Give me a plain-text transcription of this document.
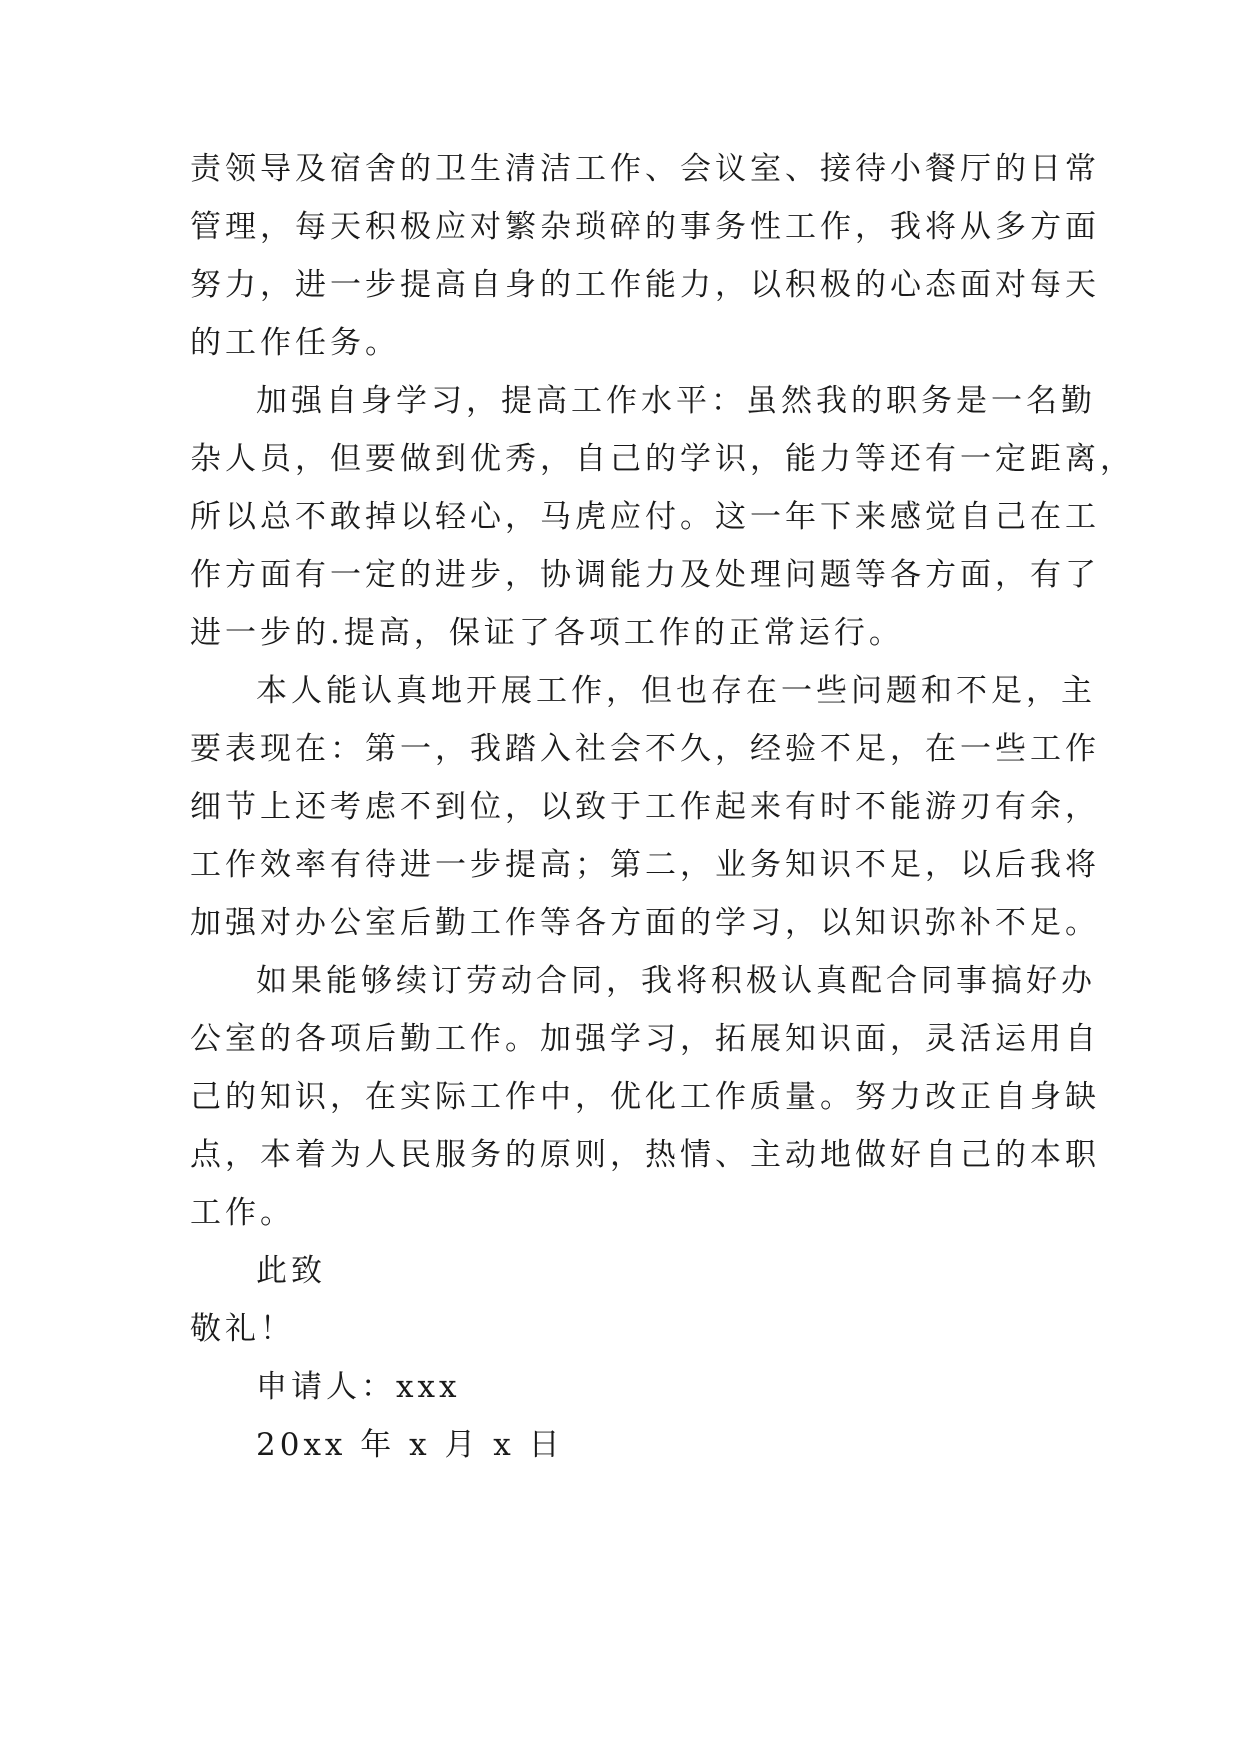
责领导及宿舍的卫生清洁工作、会议室、接待小餐厅的日常
管理，每天积极应对繁杂琐碎的事务性工作，我将从多方面
努力，进一步提高自身的工作能力，以积极的心态面对每天
的工作任务。
加强自身学习，提高工作水平：虽然我的职务是一名勤
杂人员，但要做到优秀，自己的学识，能力等还有一定距离，
所以总不敢掉以轻心，马虎应付。这一年下来感觉自己在工
作方面有一定的进步，协调能力及处理问题等各方面，有了
进一步的.提高，保证了各项工作的正常运行。
本人能认真地开展工作，但也存在一些问题和不足，主
要表现在：第一，我踏入社会不久，经验不足，在一些工作
细节上还考虑不到位，以致于工作起来有时不能游刃有余，
工作效率有待进一步提高；第二，业务知识不足，以后我将
加强对办公室后勤工作等各方面的学习，以知识弥补不足。
如果能够续订劳动合同，我将积极认真配合同事搞好办
公室的各项后勤工作。加强学习，拓展知识面，灵活运用自
己的知识，在实际工作中，优化工作质量。努力改正自身缺
点，本着为人民服务的原则，热情、主动地做好自己的本职
工作。
此致
敬礼！
申请人：xxx
20xx 年 x 月 x 日
